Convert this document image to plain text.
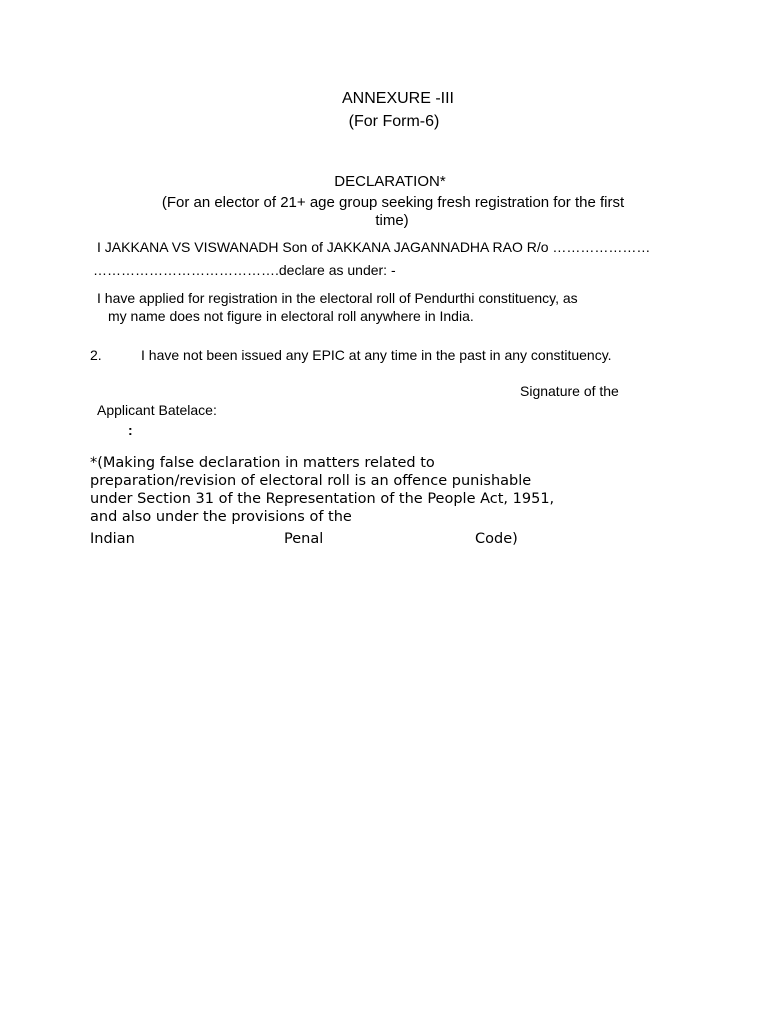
ANNEXURE -III
(For Form-6)
DECLARATION*
(For an elector of 21+ age group seeking fresh registration for the first
time)
I JAKKANA VS VISWANADH Son of JAKKANA JAGANNADHA RAO R/o …………………
………………………………….declare as under: -
I have applied for registration in the electoral roll of Pendurthi constituency, as
my name does not figure in electoral roll anywhere in India.
2.	I have not been issued any EPIC at any time in the past in any constituency.
Signature of the
Applicant Batelace:
:
*(Making false declaration in matters related to
preparation/revision of electoral roll is an offence punishable
under Section 31 of the Representation of the People Act, 1951,
and also under the provisions of the
Indian	Penal	Code)
